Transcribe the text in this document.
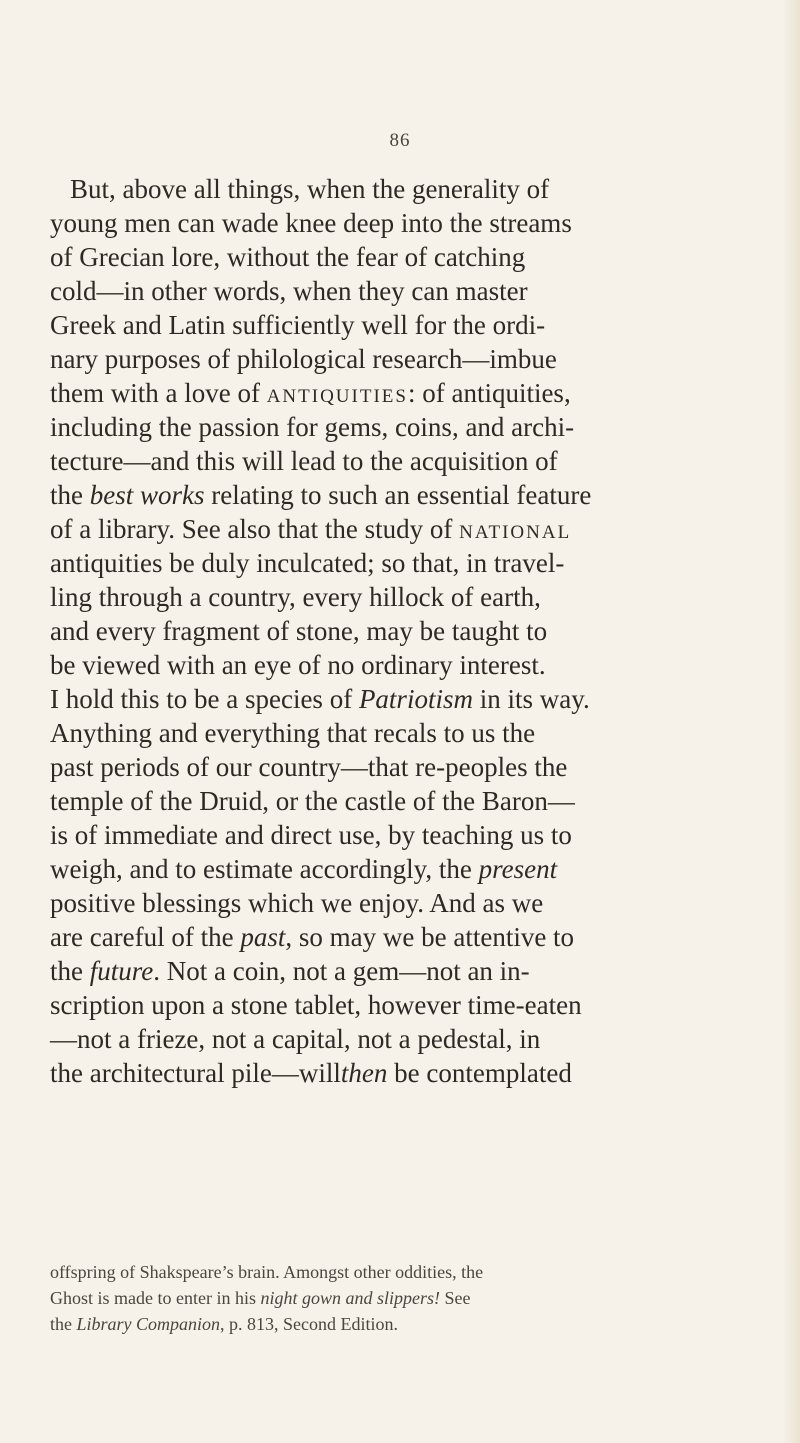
86
But, above all things, when the generality of
young men can wade knee deep into the streams
of Grecian lore, without the fear of catching
cold—in other words, when they can master
Greek and Latin sufficiently well for the ordi-
nary purposes of philological research—imbue
them with a love of antiquities: of antiquities,
including the passion for gems, coins, and archi-
tecture—and this will lead to the acquisition of
the best works relating to such an essential feature
of a library. See also that the study of national
antiquities be duly inculcated; so that, in travel-
ling through a country, every hillock of earth,
and every fragment of stone, may be taught to
be viewed with an eye of no ordinary interest.
I hold this to be a species of Patriotism in its way.
Anything and everything that recals to us the
past periods of our country—that re-peoples the
temple of the Druid, or the castle of the Baron—
is of immediate and direct use, by teaching us to
weigh, and to estimate accordingly, the present
positive blessings which we enjoy. And as we
are careful of the past, so may we be attentive to
the future. Not a coin, not a gem—not an in-
scription upon a stone tablet, however time-eaten
—not a frieze, not a capital, not a pedestal, in
the architectural pile—willthen be contemplated
offspring of Shakspeare’s brain. Amongst other oddities, the
Ghost is made to enter in his night gown and slippers! See
the Library Companion, p. 813, Second Edition.
